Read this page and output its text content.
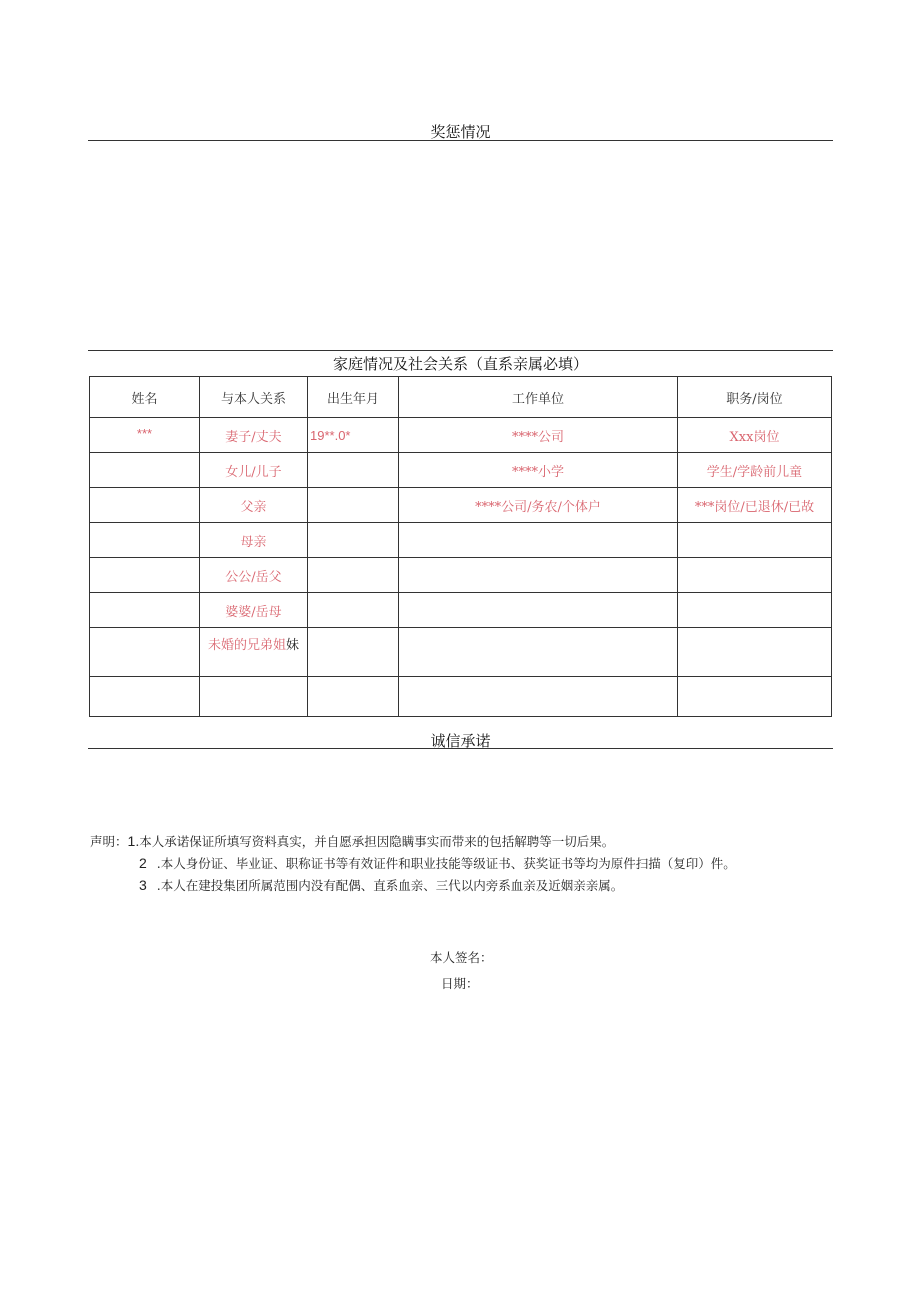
奖惩情况
家庭情况及社会关系（直系亲属必填）
姓名	与本人关系	出生年月	工作单位	职务/岗位
***	妻子/丈夫	19**.0*	****公司	Xxx岗位
	女儿/儿子		****小学	学生/学龄前儿童
	父亲		****公司/务农/个体户	***岗位/已退休/已故
	母亲			
	公公/岳父			
	婆婆/岳母			
	未婚的兄弟姐妹			

诚信承诺
声明：1.本人承诺保证所填写资料真实，并自愿承担因隐瞒事实而带来的包括解聘等一切后果。
2 .本人身份证、毕业证、职称证书等有效证件和职业技能等级证书、获奖证书等均为原件扫描（复印）件。
3 .本人在建投集团所属范围内没有配偶、直系血亲、三代以内旁系血亲及近姻亲亲属。
本人签名：
日期：
